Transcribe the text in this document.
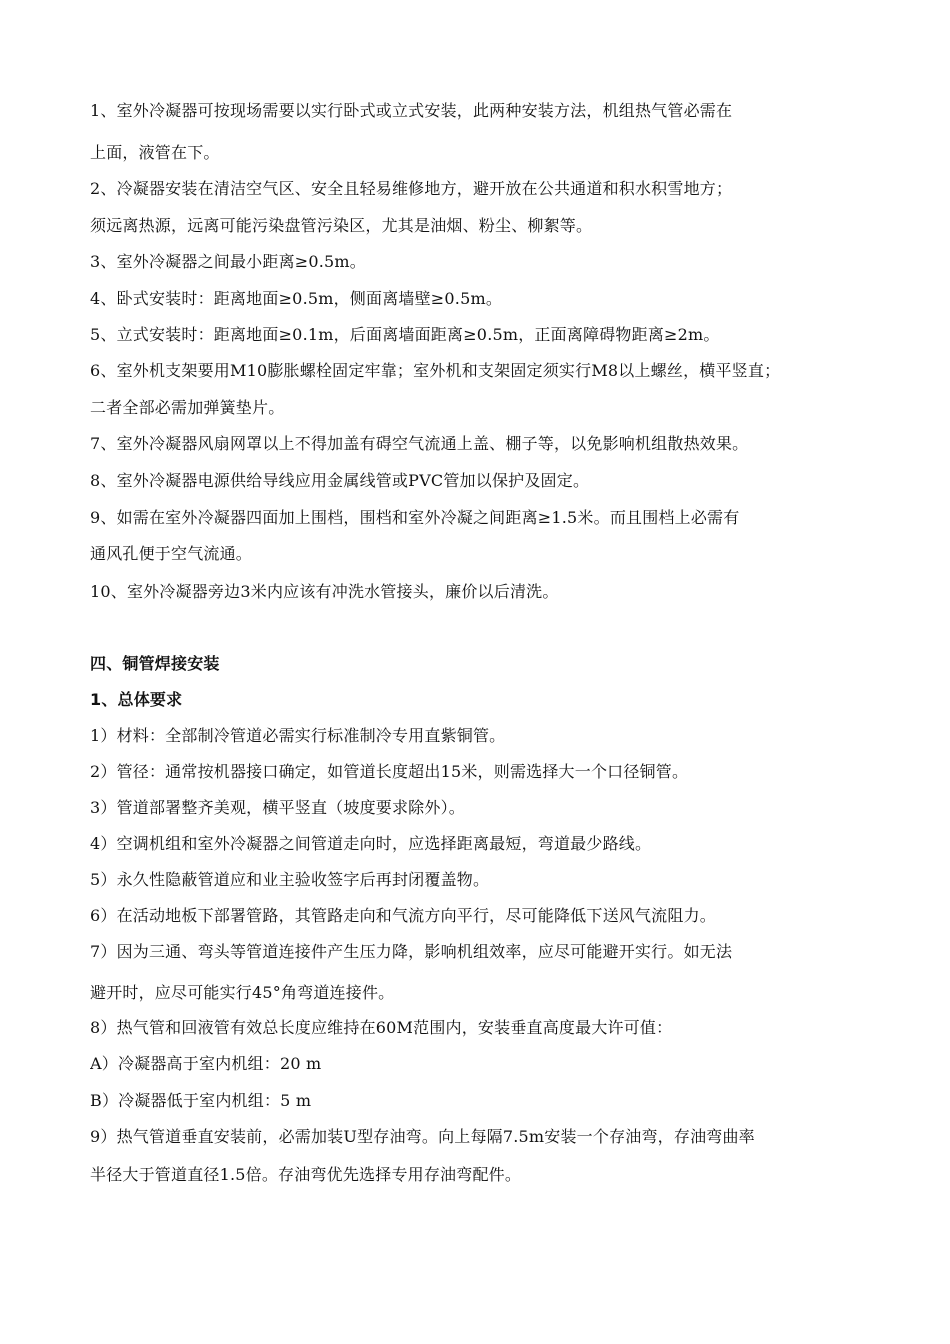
1、室外冷凝器可按现场需要以实行卧式或立式安装，此两种安装方法，机组热气管必需在
上面，液管在下。
2、冷凝器安装在清洁空气区、安全且轻易维修地方，避开放在公共通道和积水积雪地方；
须远离热源，远离可能污染盘管污染区，尤其是油烟、粉尘、柳絮等。
3、室外冷凝器之间最小距离≥0.5m。
4、卧式安装时：距离地面≥0.5m，侧面离墙壁≥0.5m。
5、立式安装时：距离地面≥0.1m，后面离墙面距离≥0.5m，正面离障碍物距离≥2m。
6、室外机支架要用M10膨胀螺栓固定牢靠；室外机和支架固定须实行M8以上螺丝，横平竖直；
二者全部必需加弹簧垫片。
7、室外冷凝器风扇网罩以上不得加盖有碍空气流通上盖、棚子等，以免影响机组散热效果。
8、室外冷凝器电源供给导线应用金属线管或PVC管加以保护及固定。
9、如需在室外冷凝器四面加上围档，围档和室外冷凝之间距离≥1.5米。而且围档上必需有
通风孔便于空气流通。
10、室外冷凝器旁边3米内应该有冲洗水管接头，廉价以后清洗。
四、铜管焊接安装
1、总体要求
1）材料：全部制冷管道必需实行标准制冷专用直紫铜管。
2）管径：通常按机器接口确定，如管道长度超出15米，则需选择大一个口径铜管。
3）管道部署整齐美观，横平竖直（坡度要求除外）。
4）空调机组和室外冷凝器之间管道走向时，应选择距离最短，弯道最少路线。
5）永久性隐蔽管道应和业主验收签字后再封闭覆盖物。
6）在活动地板下部署管路，其管路走向和气流方向平行，尽可能降低下送风气流阻力。
7）因为三通、弯头等管道连接件产生压力降，影响机组效率，应尽可能避开实行。如无法
避开时，应尽可能实行45°角弯道连接件。
8）热气管和回液管有效总长度应维持在60M范围内，安装垂直高度最大许可值：
A）冷凝器高于室内机组：20 m
B）冷凝器低于室内机组：5 m
9）热气管道垂直安装前，必需加装U型存油弯。向上每隔7.5m安装一个存油弯，存油弯曲率
半径大于管道直径1.5倍。存油弯优先选择专用存油弯配件。
